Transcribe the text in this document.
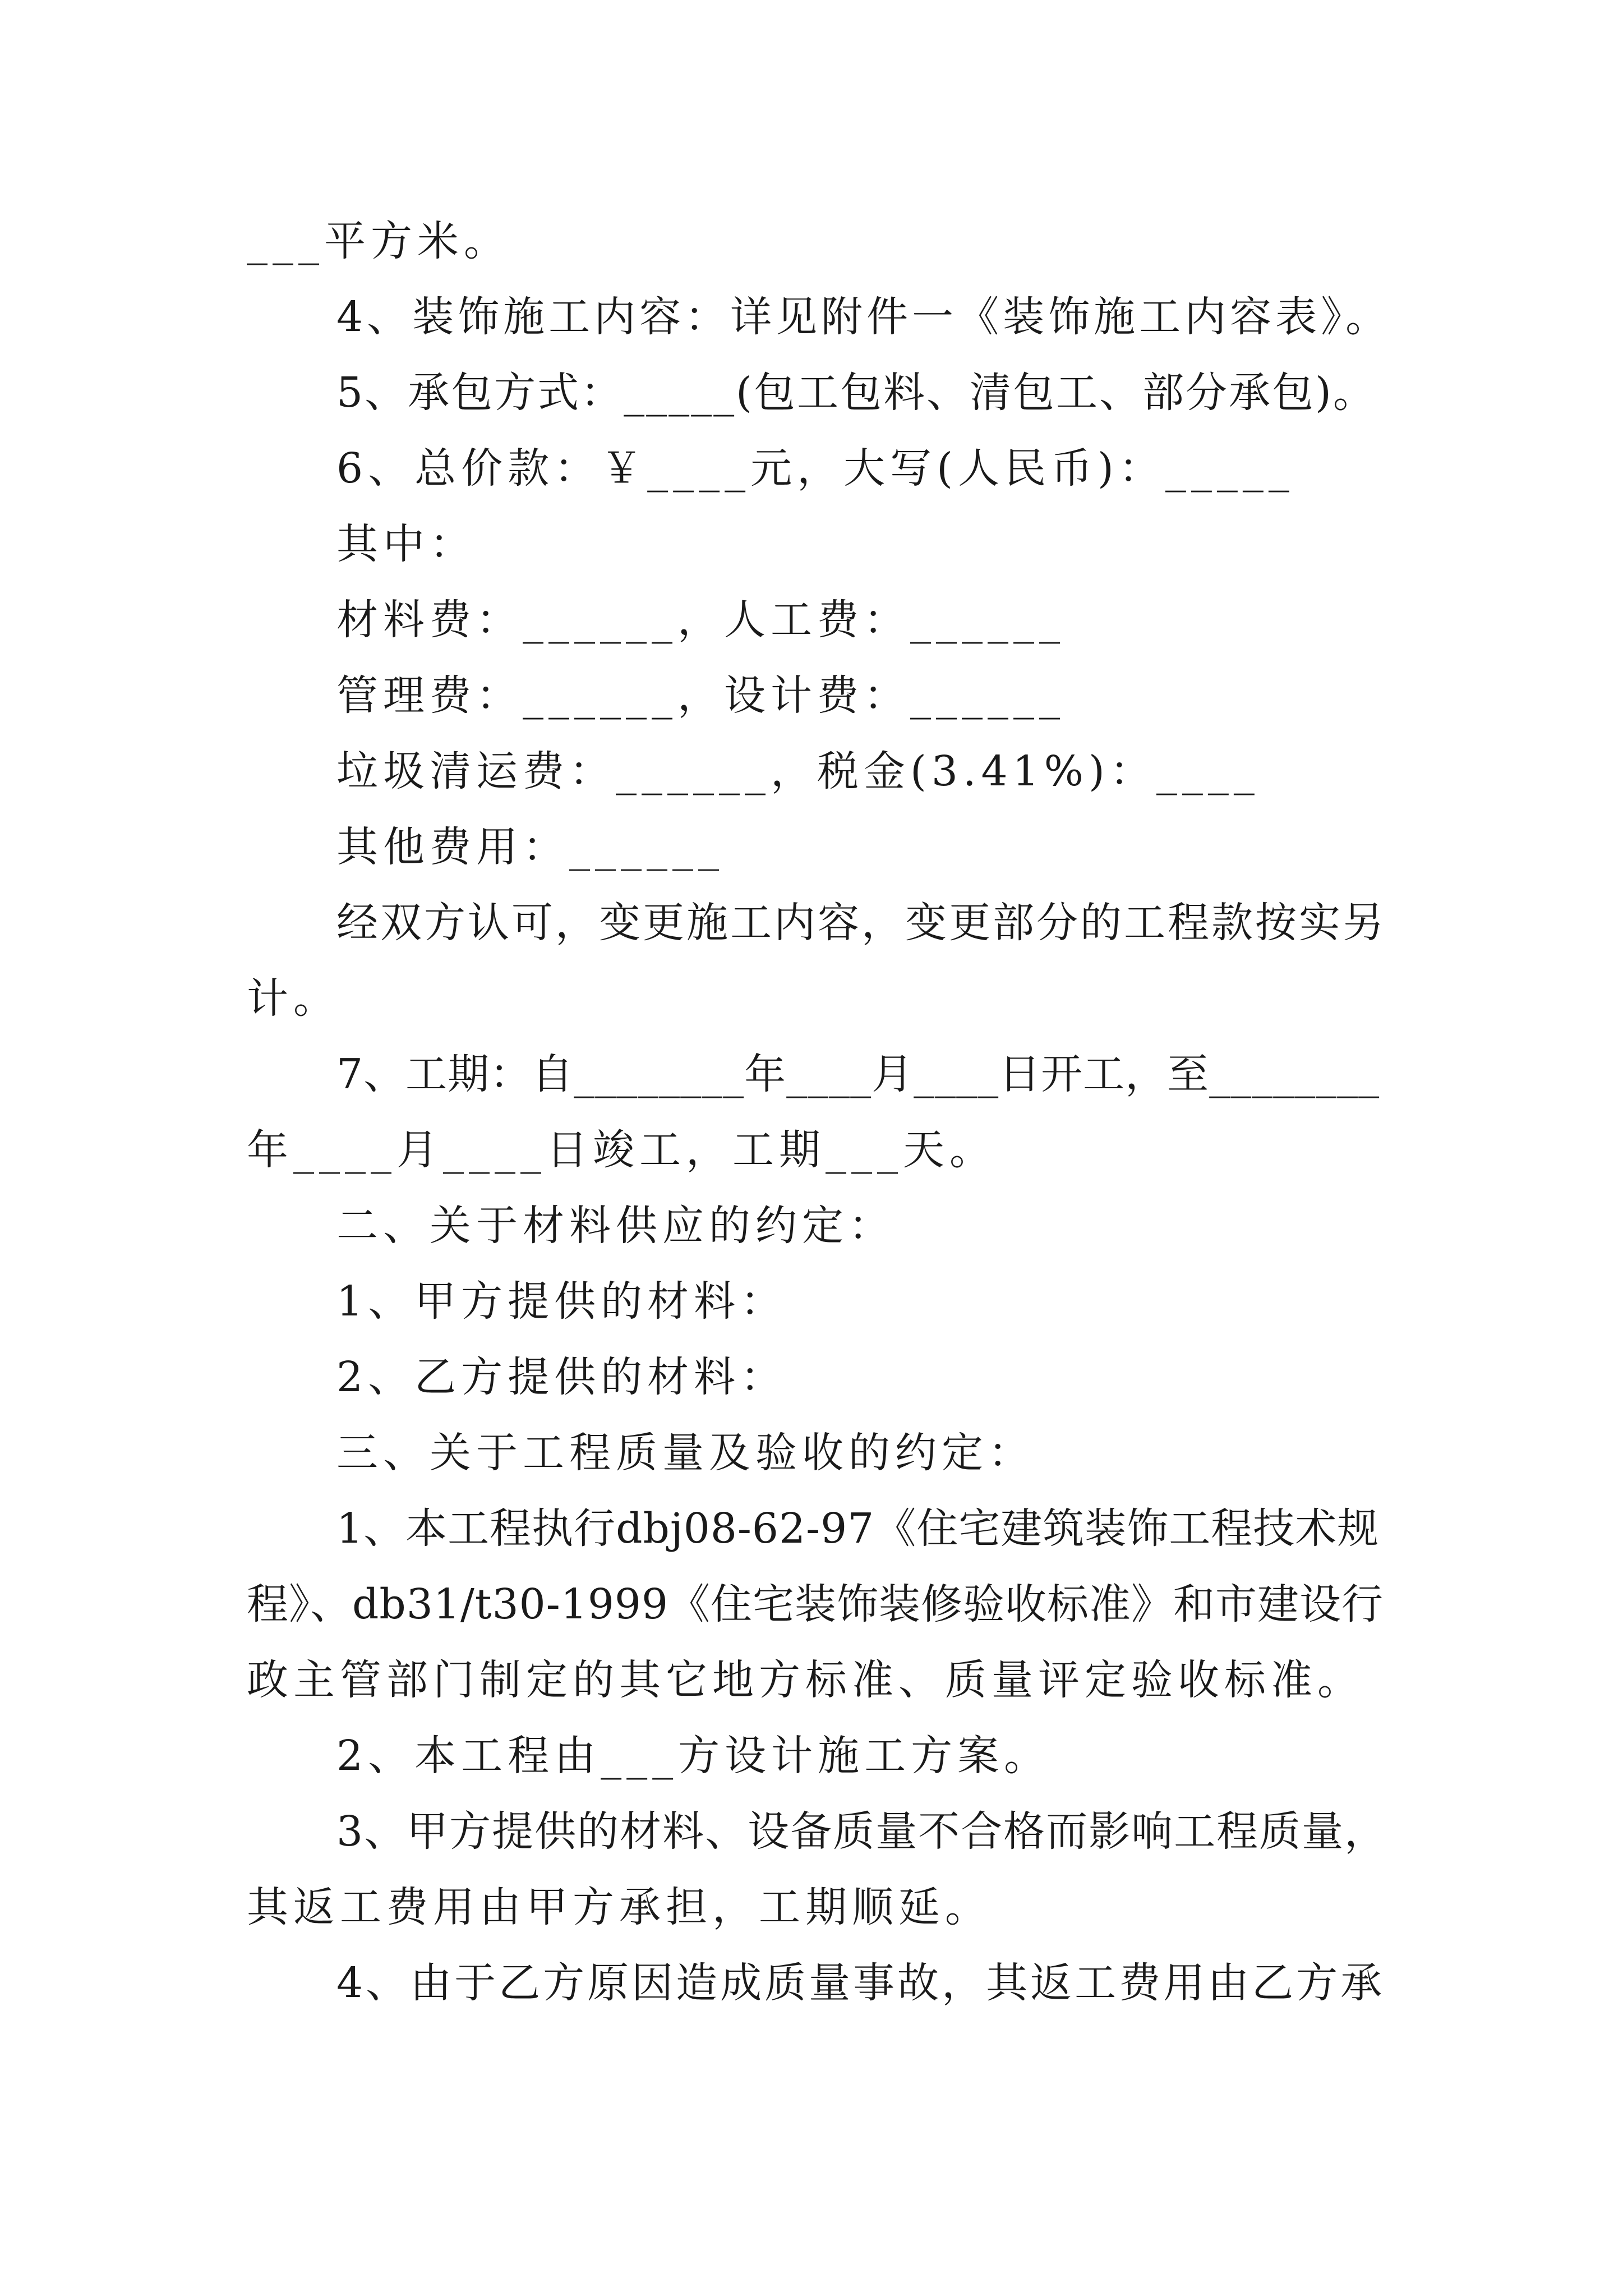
___平方米。
4、装饰施工内容：详见附件一《装饰施工内容表》。
5、承包方式：_____(包工包料、清包工、部分承包)。
6、总价款：￥____元，大写(人民币)：_____
其中：
材料费：______，人工费：______
管理费：______，设计费：______
垃圾清运费：______，税金(3.41%)：____
其他费用：______
经双方认可，变更施工内容，变更部分的工程款按实另
计。
7、工期：自________年____月____日开工，至________
年____月____日竣工，工期___天。
二、关于材料供应的约定：
1、甲方提供的材料：
2、乙方提供的材料：
三、关于工程质量及验收的约定：
1、本工程执行dbj08-62-97《住宅建筑装饰工程技术规
程》、db31/t30-1999《住宅装饰装修验收标准》和市建设行
政主管部门制定的其它地方标准、质量评定验收标准。
2、本工程由___方设计施工方案。
3、甲方提供的材料、设备质量不合格而影响工程质量，
其返工费用由甲方承担，工期顺延。
4、由于乙方原因造成质量事故，其返工费用由乙方承
